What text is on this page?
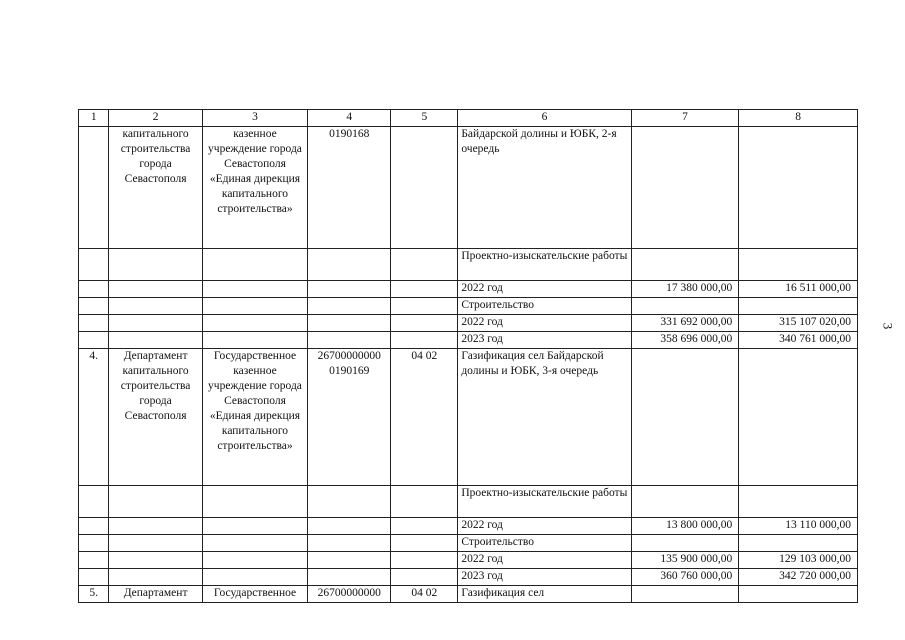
1	2	3	4	5	6	7	8
	капитального строительства города Севастополя	казенное учреждение города Севастополя «Единая дирекция капитального строительства»	0190168		Байдарской долины и ЮБК, 2-я очередь		
					Проектно-изыскательские работы		
					2022 год	17 380 000,00	16 511 000,00
					Строительство		
					2022 год	331 692 000,00	315 107 020,00
					2023 год	358 696 000,00	340 761 000,00
4.	Департамент капитального строительства города Севастополя	Государственное казенное учреждение города Севастополя «Единая дирекция капитального строительства»	26700000000 0190169	04 02	Газификация сел Байдарской долины и ЮБК, 3-я очередь		
					Проектно-изыскательские работы		
					2022 год	13 800 000,00	13 110 000,00
					Строительство		
					2022 год	135 900 000,00	129 103 000,00
					2023 год	360 760 000,00	342 720 000,00
5.	Департамент	Государственное	26700000000	04 02	Газификация сел		
3
